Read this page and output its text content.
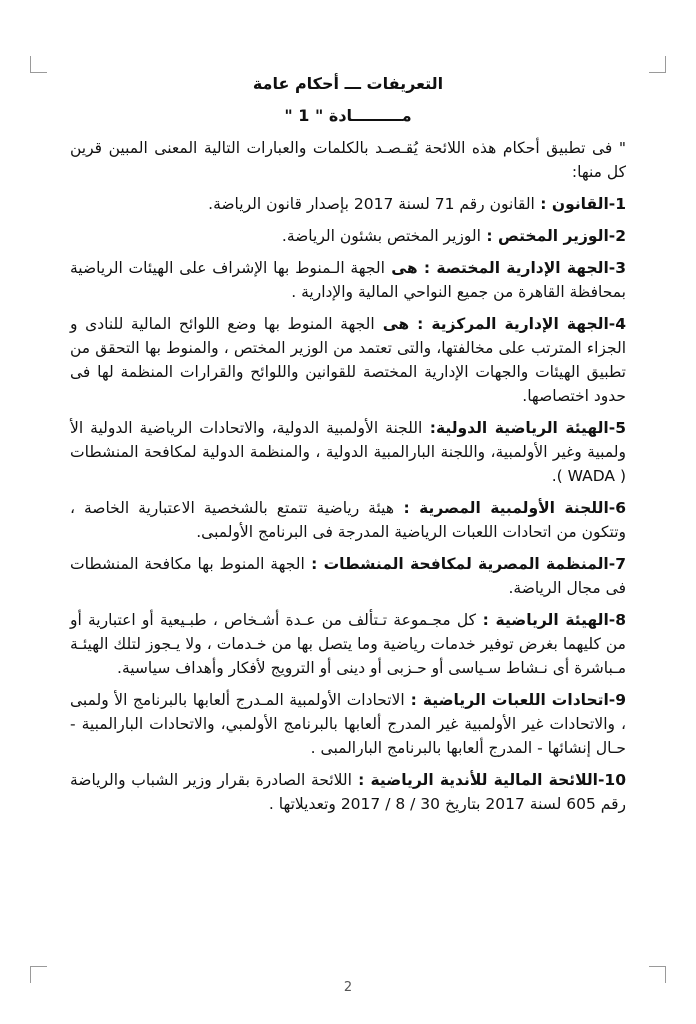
التعريفات ـــ أحكام عامة

مـــــــــادة " 1 "

" فى تطبيق أحكام هذه اللائحة يُقـصـد بالكلمات والعبارات التالية المعنى المبين قرين كل منها:

1-القانون : القانون رقم 71 لسنة 2017 بإصدار قانون الرياضة.

2-الوزير المختص : الوزير المختص بشئون الرياضة.

3-الجهة الإدارية المختصة : هى الجهة الـمنوط بها الإشراف على الهيئات الرياضية بمحافظة القاهرة من جميع النواحي المالية والإدارية .

4-الجهة الإدارية المركزية : هى الجهة المنوط بها وضع اللوائح المالية للنادى و الجزاء المترتب على مخالفتها، والتى تعتمد من الوزير المختص ، والمنوط بها التحقق من تطبيق الهيئات والجهات الإدارية المختصة للقوانين واللوائح والقرارات المنظمة لها فى حدود اختصاصها.

5-الهيئة الرياضية الدولية: اللجنة الأولمبية الدولية، والاتحادات الرياضية الدولية الأ ولمبية وغير الأولمبية، واللجنة البارالمبية الدولية ، والمنظمة الدولية لمكافحة المنشطات ( WADA ).

6-اللجنة الأولمبية المصرية : هيئة رياضية تتمتع بالشخصية الاعتبارية الخاصة ، وتتكون من اتحادات اللعبات الرياضية المدرجة فى البرنامج الأولمبى.

7-المنظمة المصرية لمكافحة المنشطات : الجهة المنوط بها مكافحة المنشطات فى مجال الرياضة.

8-الهيئة الرياضية : كل مجـموعة تـتألف من عـدة أشـخاص ، طبـيعية أو اعتبارية أو من كليهما بغرض توفير خدمات رياضية وما يتصل بها من خـدمات ، ولا يـجوز لتلك الهيئـة مـباشرة أى نـشاط سـياسى أو حـزبى أو دينى أو الترويج لأفكار وأهداف سياسية.

9-اتحادات اللعبات الرياضية : الاتحادات الأولمبية المـدرج ألعابها بالبرنامج الأ ولمبى ، والاتحادات غير الأولمبية غير المدرج ألعابها بالبرنامج الأولمبي، والاتحادات البارالمبية - حـال إنشائها - المدرج ألعابها بالبرنامج البارالمبى .

10-اللائحة المالية للأندية الرياضية : اللائحة الصادرة بقرار وزير الشباب والرياضة رقم 605 لسنة 2017 بتاريخ 30 / 8 / 2017 وتعديلاتها .

2
